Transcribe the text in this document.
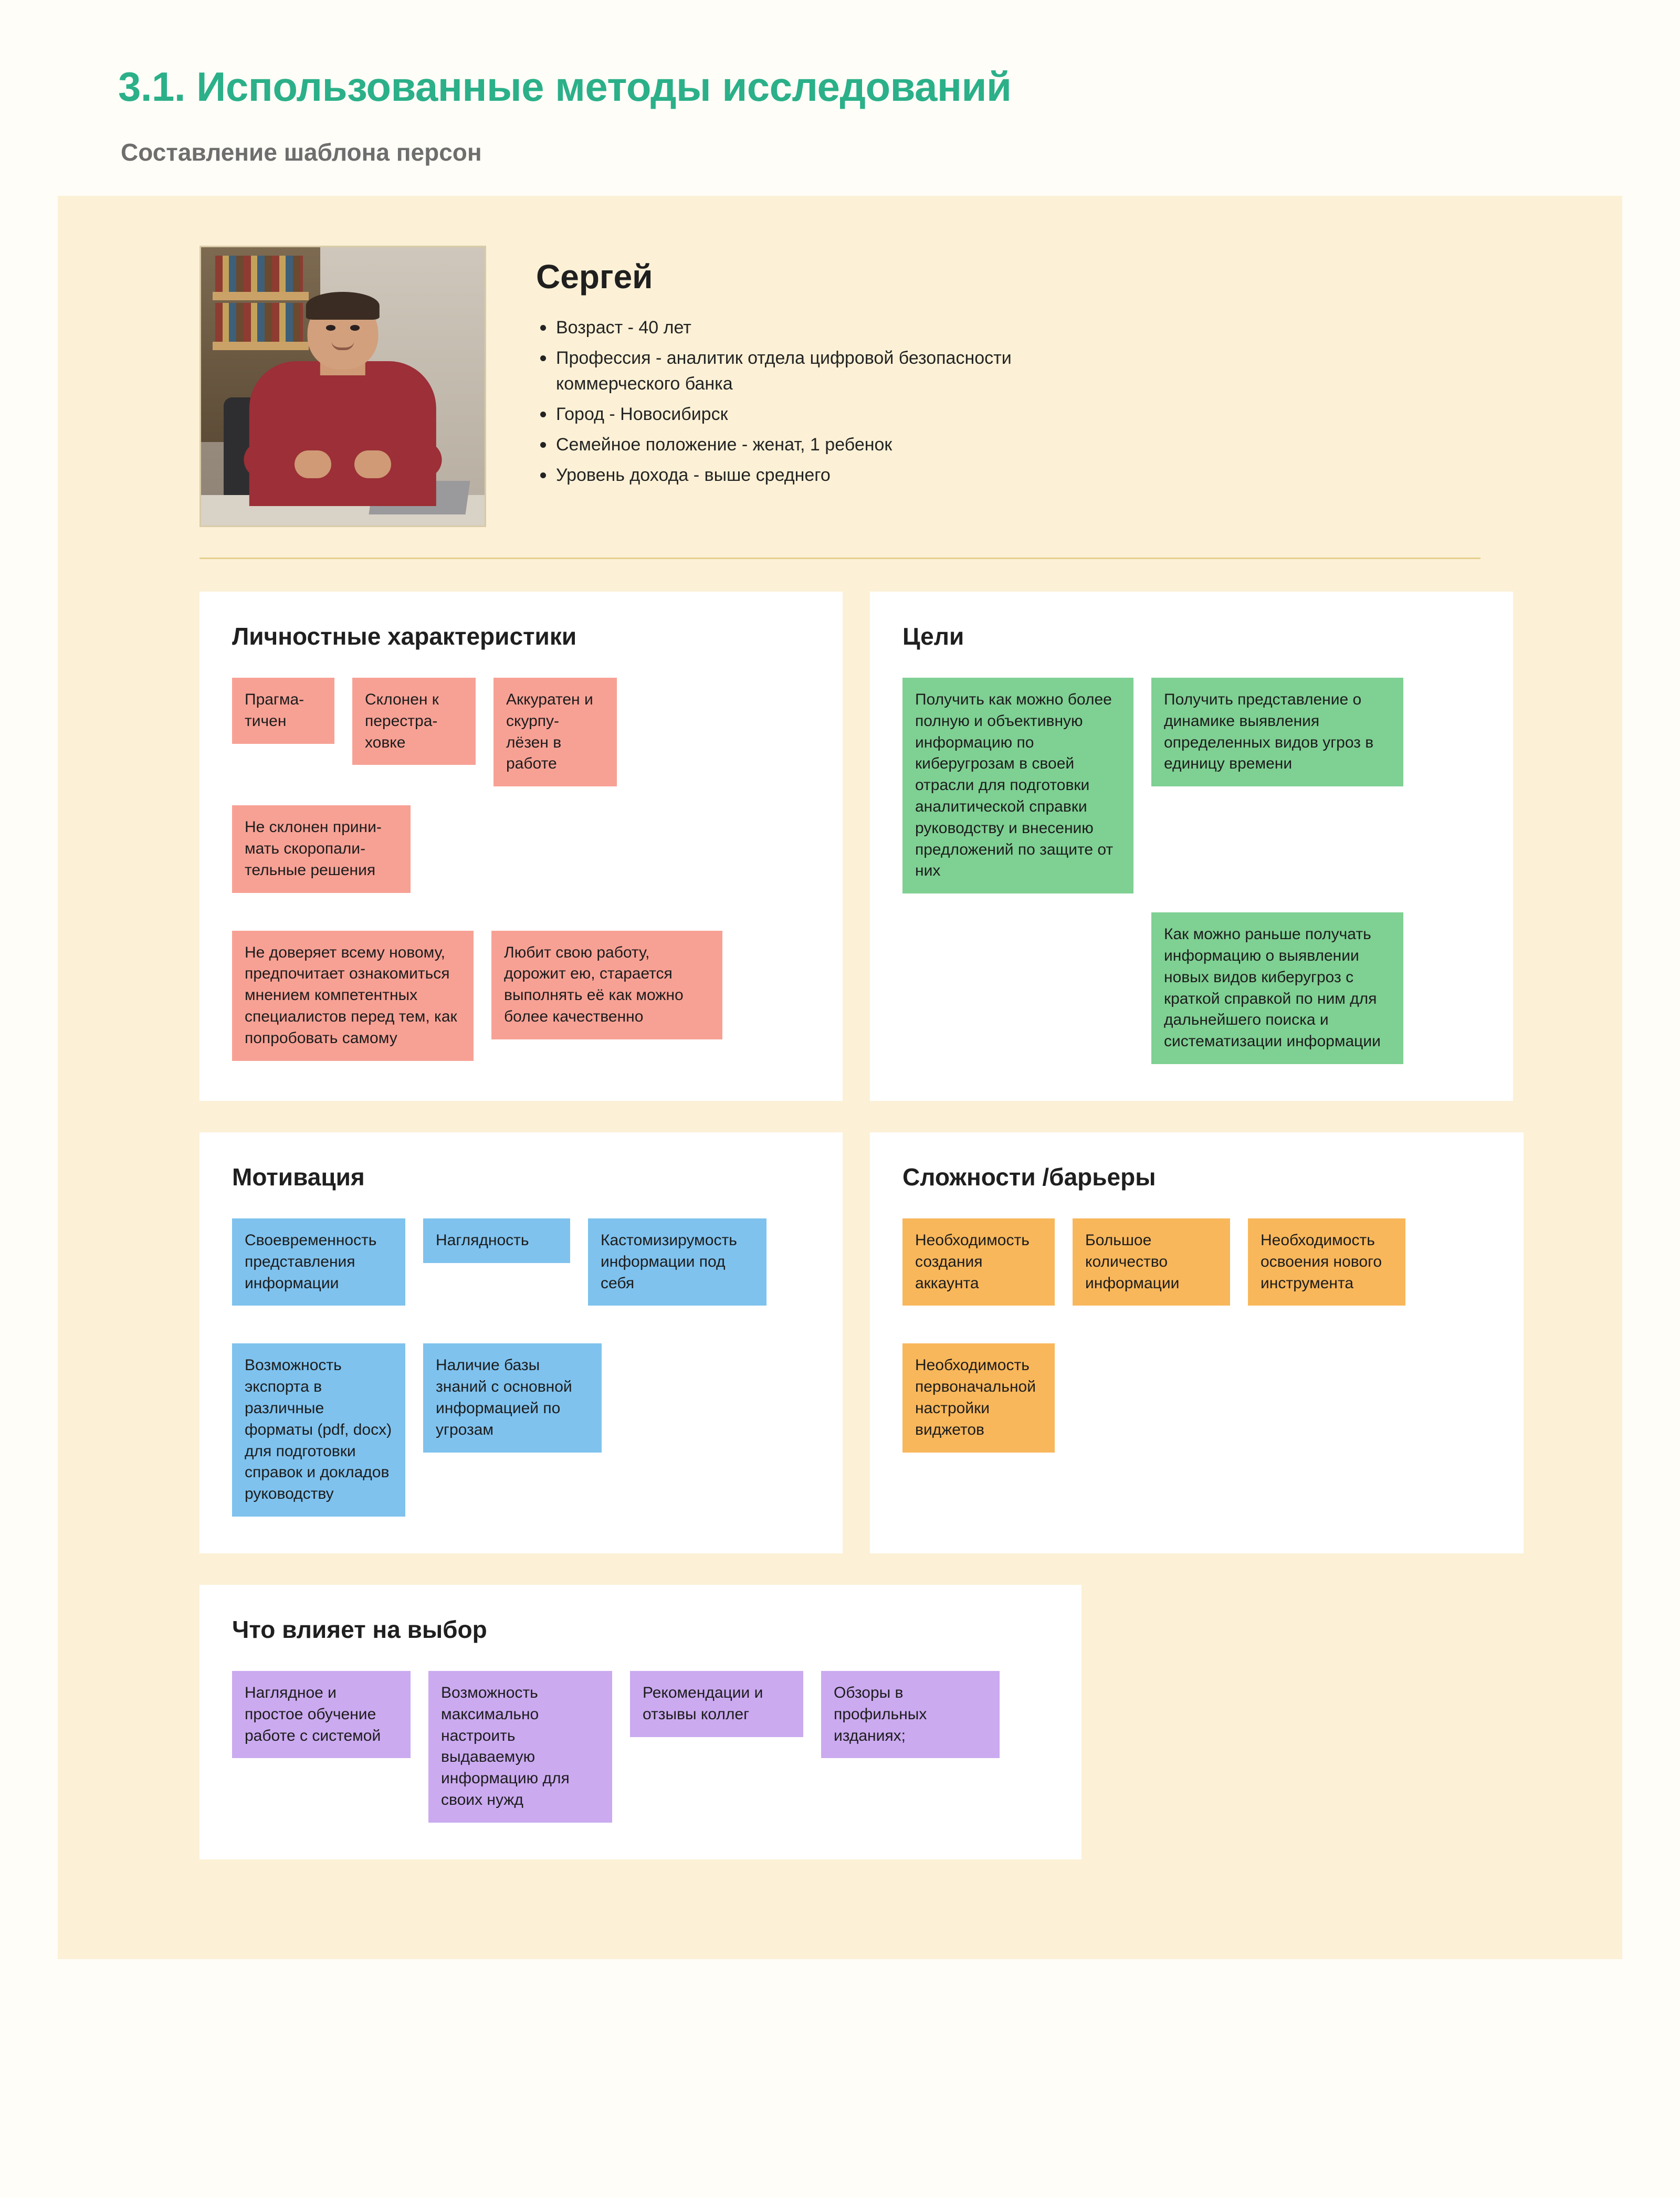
3.1. Использованные методы исследований
Составление шаблона персон
Сергей
Возраст - 40 лет
Профессия - аналитик отдела цифровой безопасности коммерческого банка
Город - Новосибирск
Семейное положение - женат, 1 ребенок
Уровень дохода - выше среднего
Личностные характеристики
Прагма-
тичен
Склонен к перестра-
ховке
Аккуратен и скурпу-
лёзен в работе
Не склонен прини-
мать скоропали-
тельные решения
Не доверяет всему новому, предпочитает ознакомиться мнением компетентных специалистов перед тем, как попробовать самому
Любит свою работу, дорожит ею, старается выполнять её как можно более качественно
Цели
Получить как можно более полную и объективную информацию по киберугрозам в своей отрасли для подготовки аналитической справки руководству и внесению предложений по защите от них
Получить представление о динамике выявления определенных видов угроз в единицу времени
Как можно раньше получать информацию о выявлении новых видов киберугроз с краткой справкой по ним для дальнейшего поиска и систематизации информации
Мотивация
Своевременность представления информации
Наглядность	Кастомизирумость информации под себя
Возможность экспорта в различные форматы (pdf, docx) для подготовки справок и докладов руководству
Наличие базы знаний с основной информацией по угрозам
Сложности /барьеры
Необходимость создания аккаунта
Большое количество информации
Необходимость освоения нового инструмента
Необходимость первоначальной настройки виджетов
Что влияет на выбор
Наглядное и простое обучение работе с системой
Возможность максимально настроить выдаваемую информацию для своих нужд
Рекомендации и отзывы коллег
Обзоры в профильных изданиях;
